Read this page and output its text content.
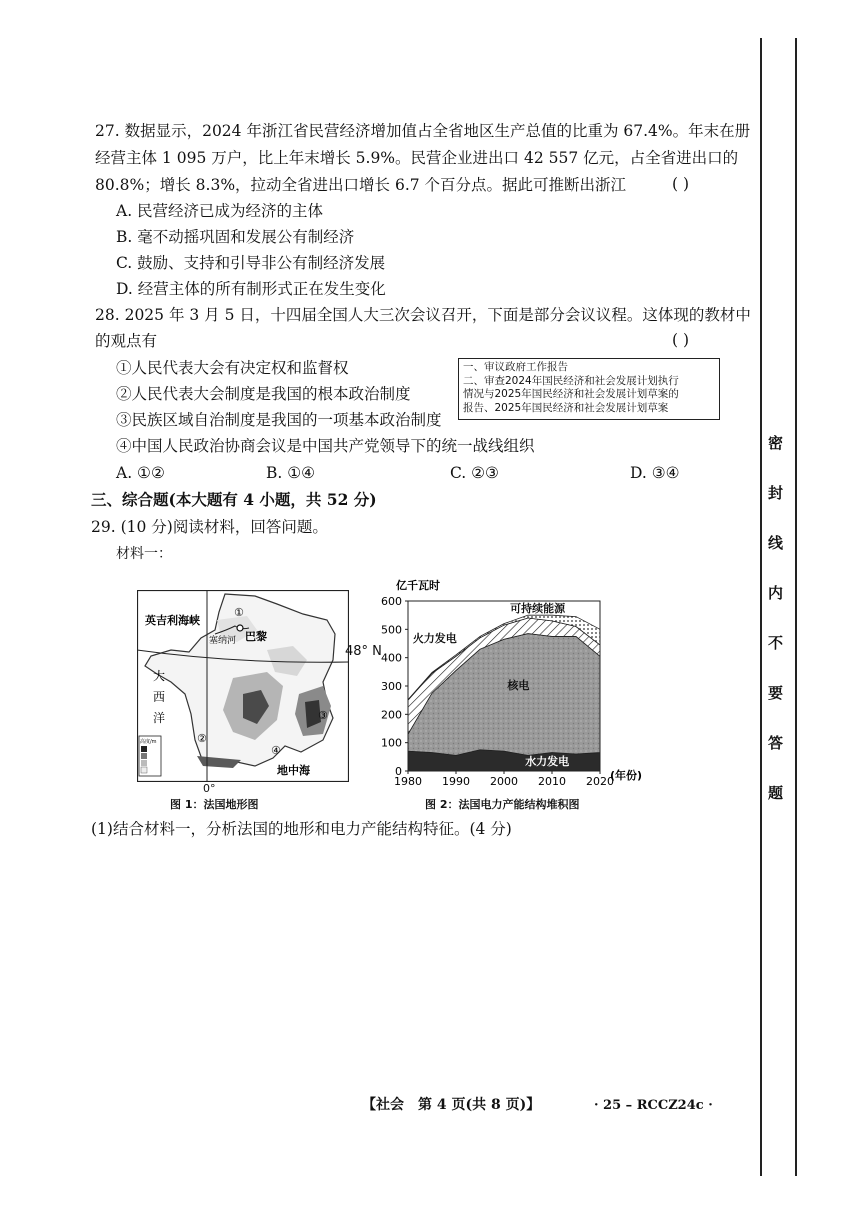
27. 数据显示，2024 年浙江省民营经济增加值占全省地区生产总值的比重为 67.4%。年末在册
经营主体 1 095 万户，比上年末增长 5.9%。民营企业进出口 42 557 亿元，占全省进出口的
80.8%；增长 8.3%，拉动全省进出口增长 6.7 个百分点。据此可推断出浙江	( )
A. 民营经济已成为经济的主体
B. 毫不动摇巩固和发展公有制经济
C. 鼓励、支持和引导非公有制经济发展
D. 经营主体的所有制形式正在发生变化
28. 2025 年 3 月 5 日，十四届全国人大三次会议召开，下面是部分会议议程。这体现的教材中
的观点有	( )
①人民代表大会有决定权和监督权
②人民代表大会制度是我国的根本政治制度
③民族区域自治制度是我国的一项基本政治制度
④中国人民政治协商会议是中国共产党领导下的统一战线组织
一、审议政府工作报告
二、审查2024年国民经济和社会发展计划执行
情况与2025年国民经济和社会发展计划草案的
报告、2025年国民经济和社会发展计划草案
A. ①②	B. ①④	C. ②③	D. ③④
三、综合题(本大题有 4 小题，共 52 分)
29. (10 分)阅读材料，回答问题。
材料一：
英吉利海峡
①
巴黎
塞纳河
大
西
洋
②
③
④
地中海
高度/m
48° N
0°
图 1：法国地形图
0
100
200
300
400
500
600
1980 1990 2000 2010 2020
亿千瓦时
(年份)
水力发电
核电
火力发电
可持续能源
图 2：法国电力产能结构堆积图
(1)结合材料一，分析法国的地形和电力产能结构特征。(4 分)
密
封
线
内
不
要
答
题
【社会　第 4 页(共 8 页)】	· 25 – RCCZ24c ·
